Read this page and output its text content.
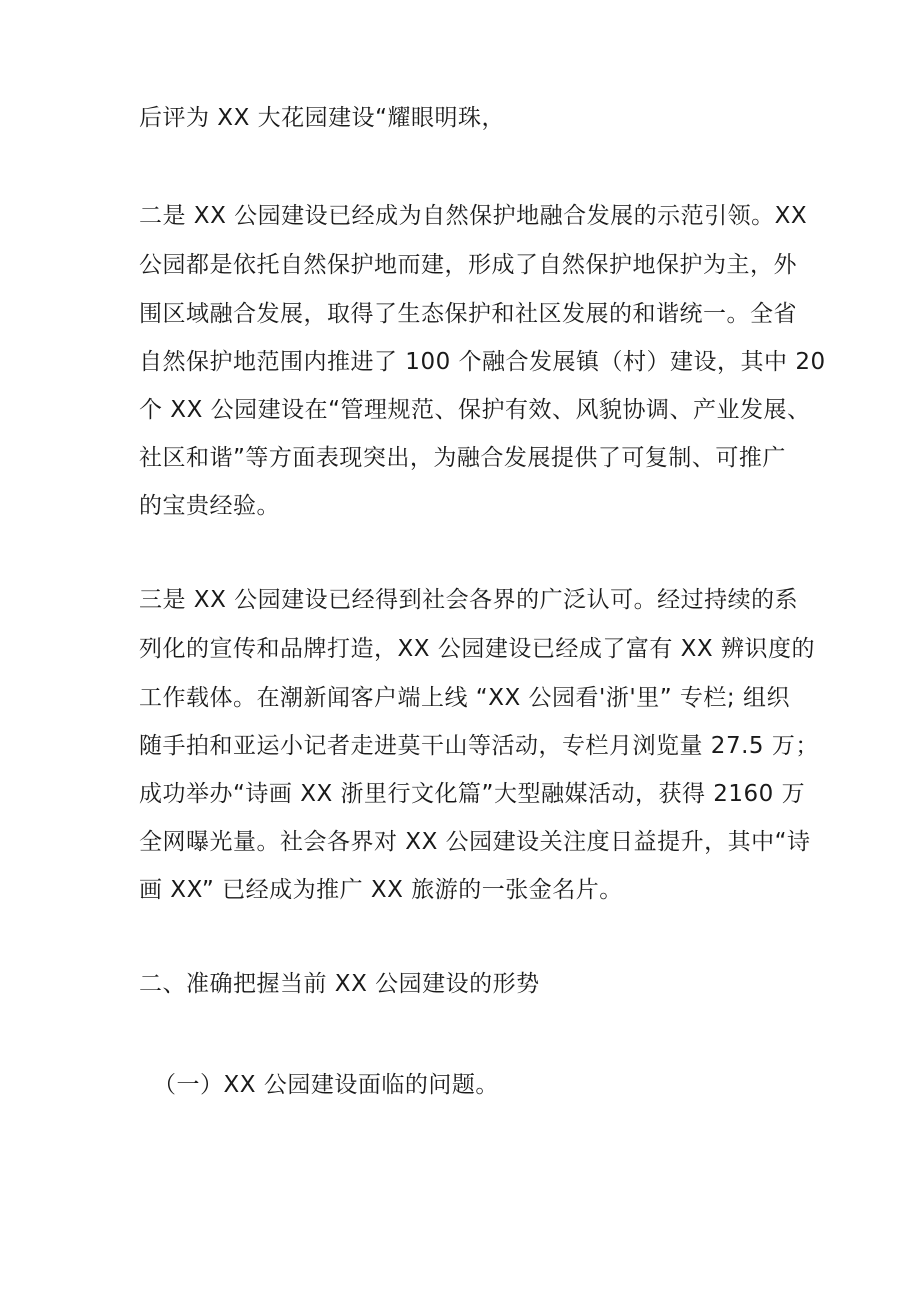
后评为 XX 大花园建设“耀眼明珠，
二是 XX 公园建设已经成为自然保护地融合发展的示范引领。XX
公园都是依托自然保护地而建，形成了自然保护地保护为主，外
围区域融合发展，取得了生态保护和社区发展的和谐统一。全省
自然保护地范围内推进了 100 个融合发展镇（村）建设，其中 20
个 XX 公园建设在“管理规范、保护有效、风貌协调、产业发展、
社区和谐”等方面表现突出，为融合发展提供了可复制、可推广
的宝贵经验。
三是 XX 公园建设已经得到社会各界的广泛认可。经过持续的系
列化的宣传和品牌打造，XX 公园建设已经成了富有 XX 辨识度的
工作载体。在潮新闻客户端上线 “XX 公园看'浙'里” 专栏; 组织
随手拍和亚运小记者走进莫干山等活动，专栏月浏览量 27.5 万；
成功举办“诗画 XX 浙里行文化篇”大型融媒活动，获得 2160 万
全网曝光量。社会各界对 XX 公园建设关注度日益提升，其中“诗
画 XX” 已经成为推广 XX 旅游的一张金名片。
二、准确把握当前 XX 公园建设的形势
（一）XX 公园建设面临的问题。
